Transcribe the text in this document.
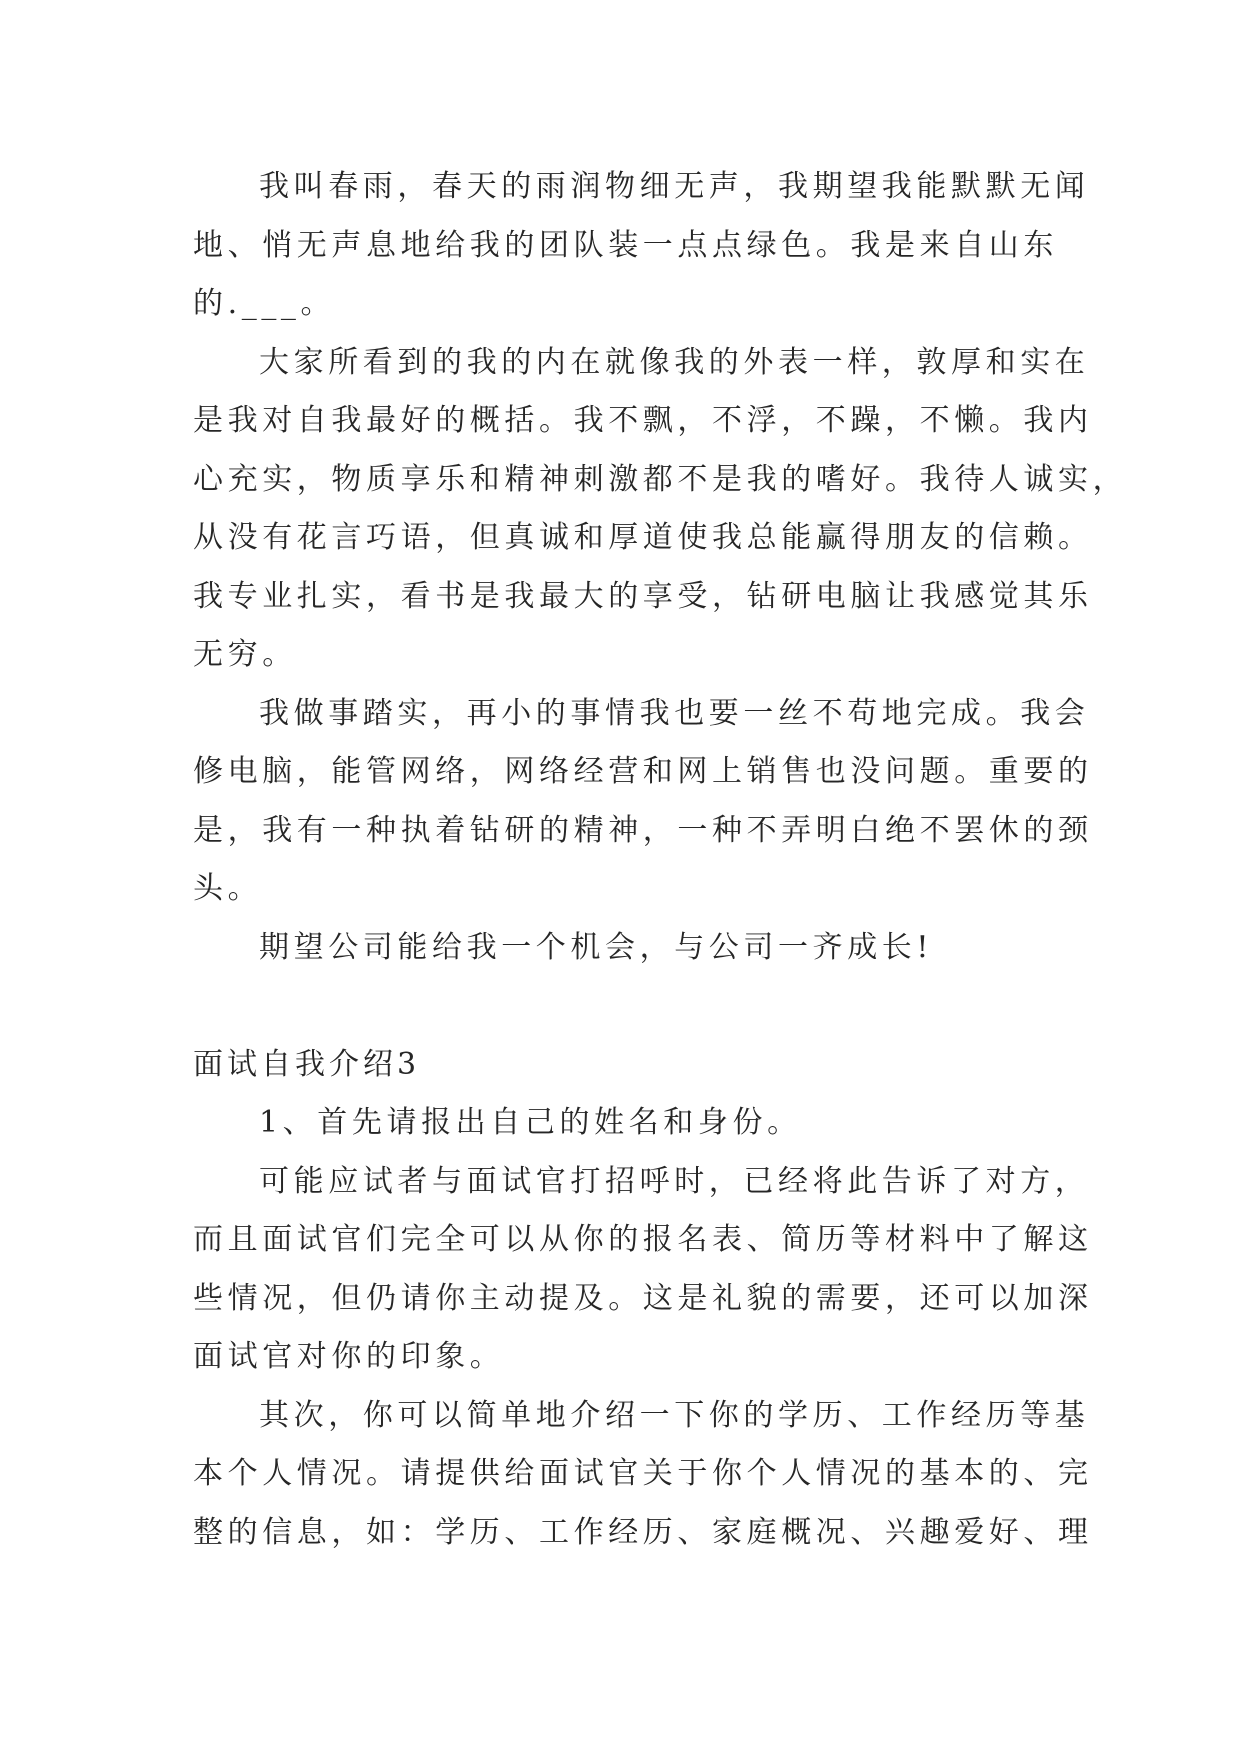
我叫春雨，春天的雨润物细无声，我期望我能默默无闻
地、悄无声息地给我的团队装一点点绿色。我是来自山东
的.___。
大家所看到的我的内在就像我的外表一样，敦厚和实在
是我对自我最好的概括。我不飘，不浮，不躁，不懒。我内
心充实，物质享乐和精神刺激都不是我的嗜好。我待人诚实，
从没有花言巧语，但真诚和厚道使我总能赢得朋友的信赖。
我专业扎实，看书是我最大的享受，钻研电脑让我感觉其乐
无穷。
我做事踏实，再小的事情我也要一丝不苟地完成。我会
修电脑，能管网络，网络经营和网上销售也没问题。重要的
是，我有一种执着钻研的精神，一种不弄明白绝不罢休的颈
头。
期望公司能给我一个机会，与公司一齐成长!
面试自我介绍3
1、首先请报出自己的姓名和身份。
可能应试者与面试官打招呼时，已经将此告诉了对方，
而且面试官们完全可以从你的报名表、简历等材料中了解这
些情况，但仍请你主动提及。这是礼貌的需要，还可以加深
面试官对你的印象。
其次，你可以简单地介绍一下你的学历、工作经历等基
本个人情况。请提供给面试官关于你个人情况的基本的、完
整的信息，如：学历、工作经历、家庭概况、兴趣爱好、理
